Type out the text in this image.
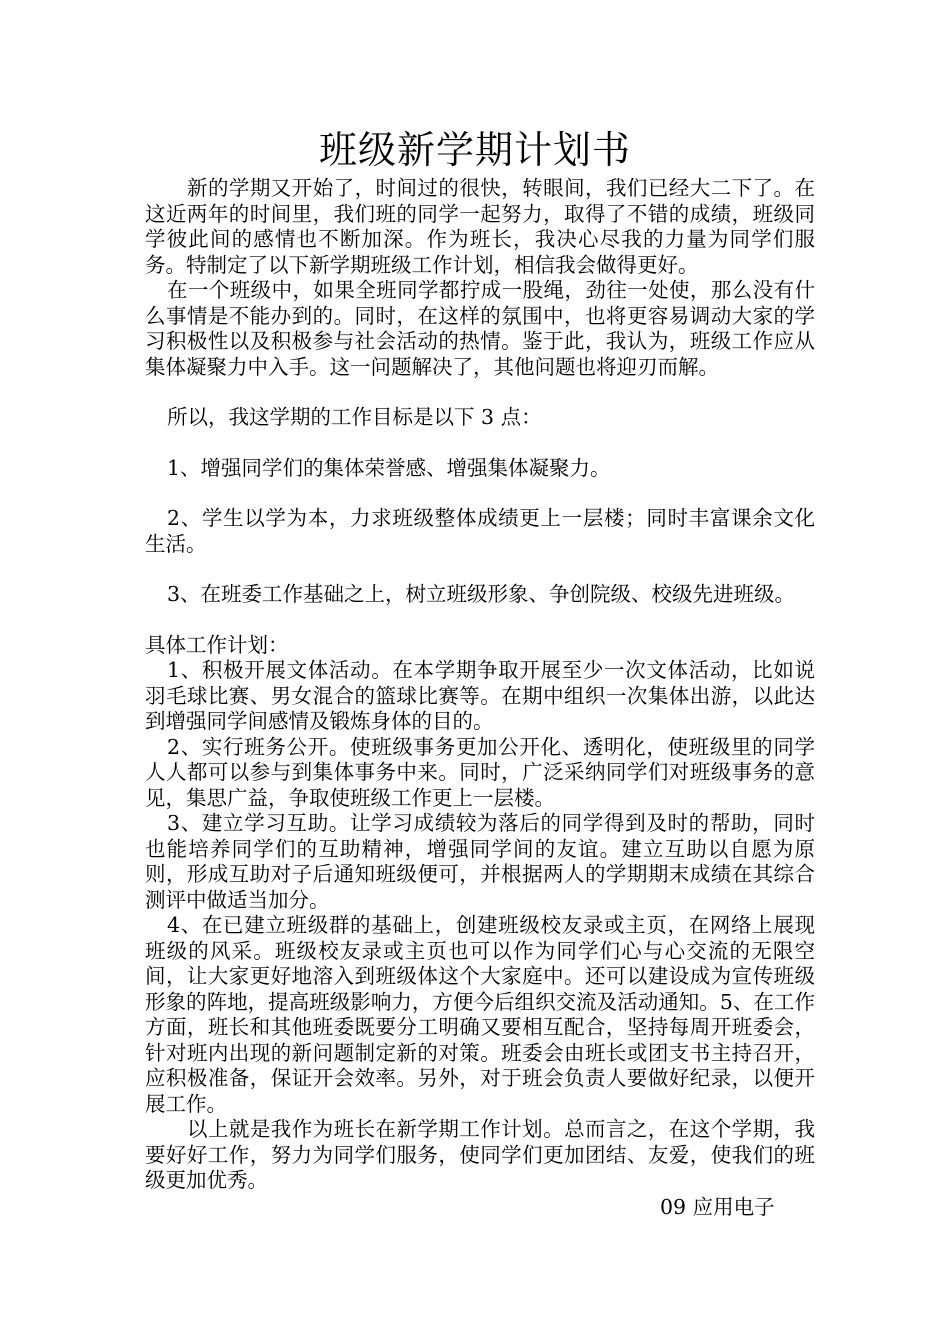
班级新学期计划书

新的学期又开始了，时间过的很快，转眼间，我们已经大二下了。在这近两年的时间里，我们班的同学一起努力，取得了不错的成绩，班级同学彼此间的感情也不断加深。作为班长，我决心尽我的力量为同学们服务。特制定了以下新学期班级工作计划，相信我会做得更好。

在一个班级中，如果全班同学都拧成一股绳，劲往一处使，那么没有什么事情是不能办到的。同时，在这样的氛围中，也将更容易调动大家的学习积极性以及积极参与社会活动的热情。鉴于此，我认为，班级工作应从集体凝聚力中入手。这一问题解决了，其他问题也将迎刃而解。

所以，我这学期的工作目标是以下 3 点：

1、增强同学们的集体荣誉感、增强集体凝聚力。

2、学生以学为本，力求班级整体成绩更上一层楼；同时丰富课余文化生活。

3、在班委工作基础之上，树立班级形象、争创院级、校级先进班级。

具体工作计划：

1、积极开展文体活动。在本学期争取开展至少一次文体活动，比如说羽毛球比赛、男女混合的篮球比赛等。在期中组织一次集体出游，以此达到增强同学间感情及锻炼身体的目的。

2、实行班务公开。使班级事务更加公开化、透明化，使班级里的同学人人都可以参与到集体事务中来。同时，广泛采纳同学们对班级事务的意见，集思广益，争取使班级工作更上一层楼。

3、建立学习互助。让学习成绩较为落后的同学得到及时的帮助，同时也能培养同学们的互助精神，增强同学间的友谊。建立互助以自愿为原则，形成互助对子后通知班级便可，并根据两人的学期期末成绩在其综合测评中做适当加分。

4、在已建立班级群的基础上，创建班级校友录或主页，在网络上展现班级的风采。班级校友录或主页也可以作为同学们心与心交流的无限空间，让大家更好地溶入到班级体这个大家庭中。还可以建设成为宣传班级形象的阵地，提高班级影响力，方便今后组织交流及活动通知。5、在工作方面，班长和其他班委既要分工明确又要相互配合，坚持每周开班委会，针对班内出现的新问题制定新的对策。班委会由班长或团支书主持召开，应积极准备，保证开会效率。另外，对于班会负责人要做好纪录，以便开展工作。

以上就是我作为班长在新学期工作计划。总而言之，在这个学期，我要好好工作，努力为同学们服务，使同学们更加团结、友爱，使我们的班级更加优秀。

09 应用电子
